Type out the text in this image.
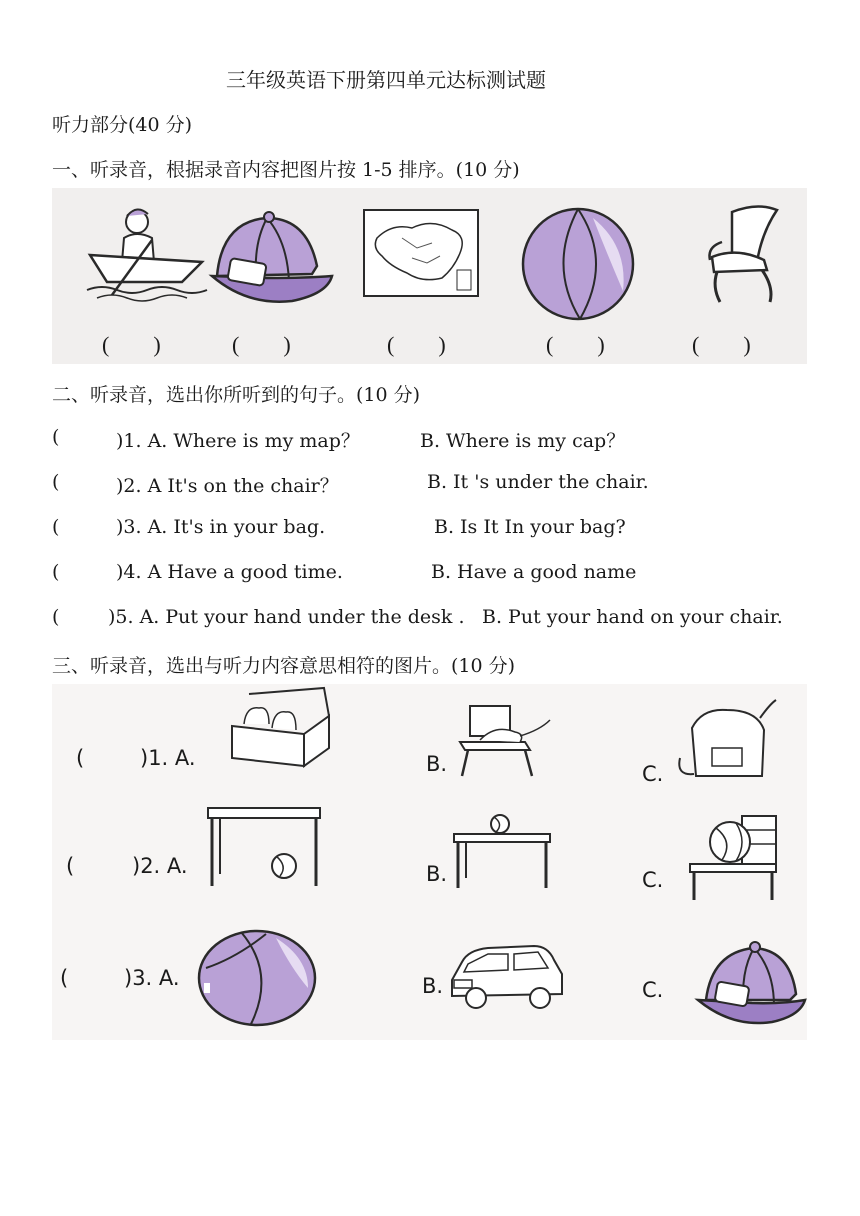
三年级英语下册第四单元达标测试题
听力部分(40 分)
一、听录音，根据录音内容把图片按 1-5 排序。(10 分)
(　　)	(　　)	(　　)	(　　)	(　　)
二、听录音，选出你所听到的句子。(10 分)
(	)1. A. Where is my map？	B. Where is my cap？
(	)2. A It's on the chair？	B. It 's under the chair.
(	)3. A. It's in your bag.	B. Is It In your bag?
(	)4. A Have a good time.	B. Have a good name
(	)5. A. Put your hand under the desk . B. Put your hand on your chair.
三、听录音，选出与听力内容意思相符的图片。(10 分)
(	)1. A.	B.	C.
(	)2. A.	B.	C.
(	)3. A.	B.	C.
